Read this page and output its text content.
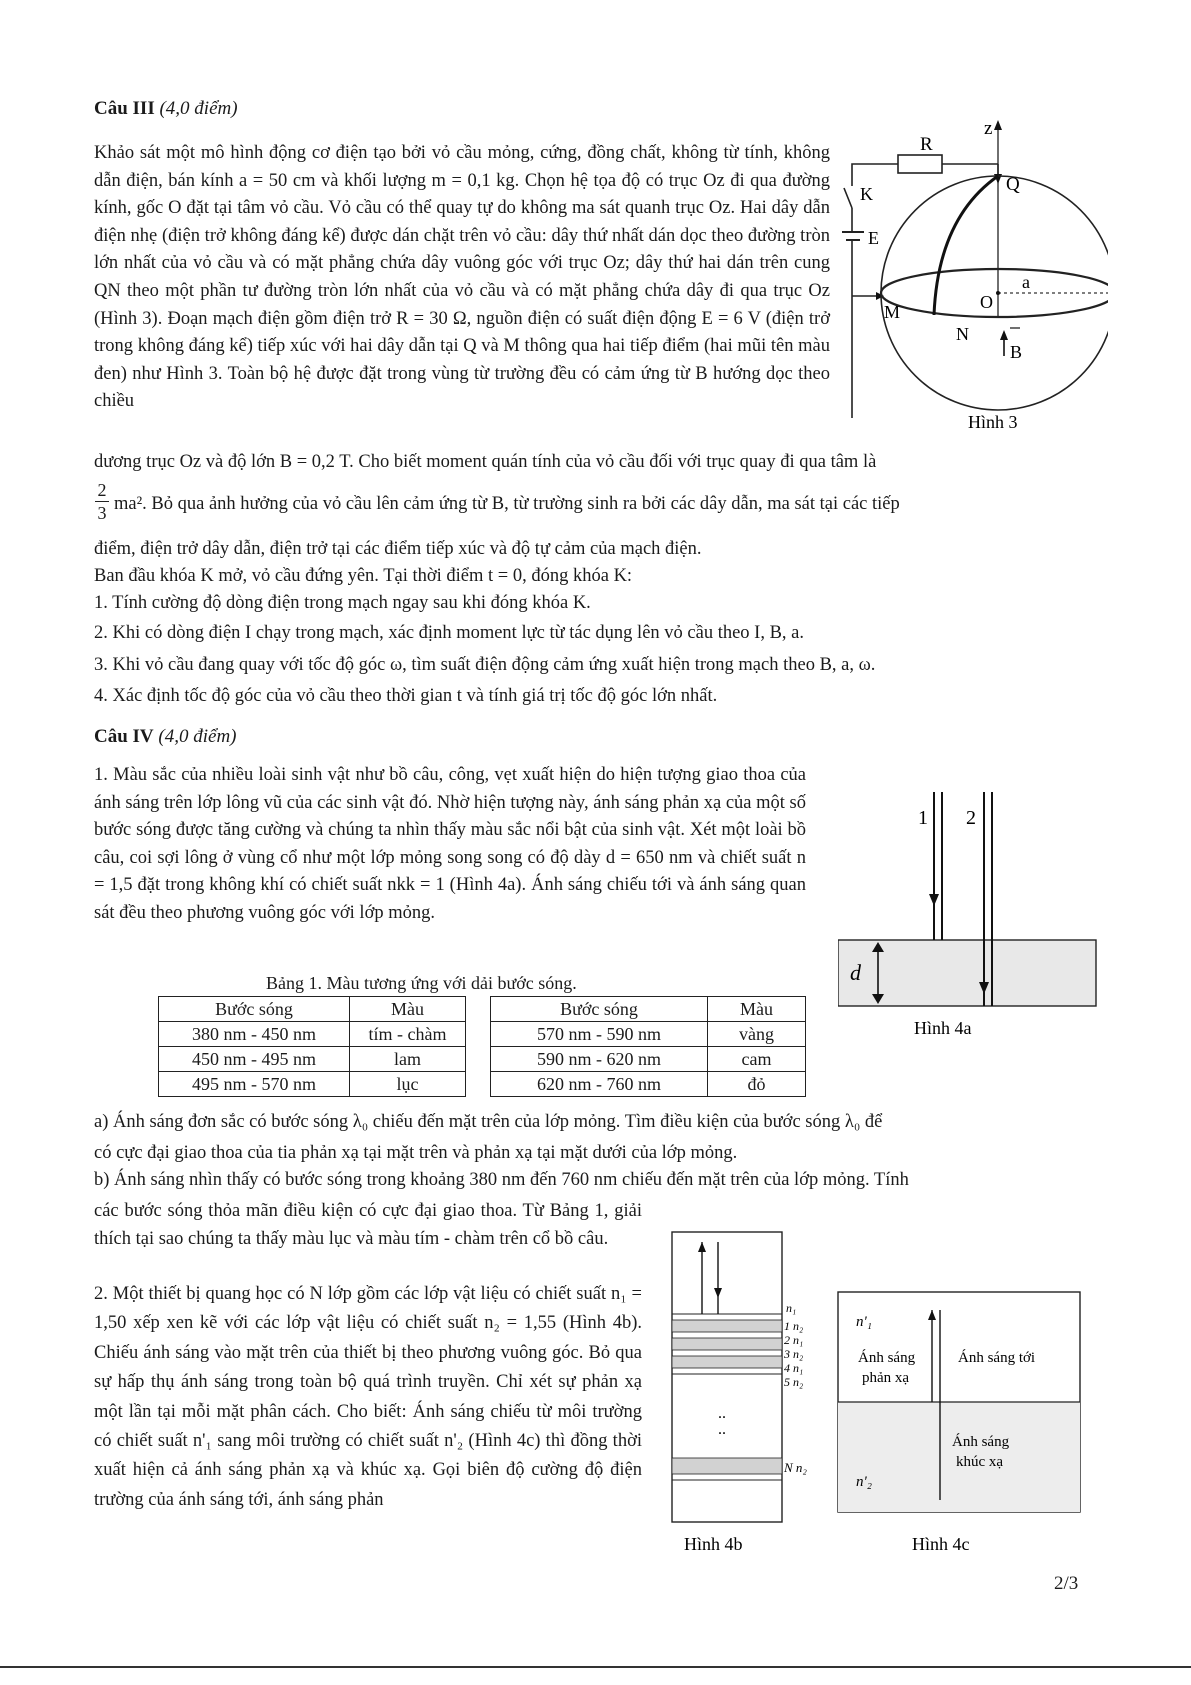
Câu III (4,0 điểm)

Khảo sát một mô hình động cơ điện tạo bởi vỏ cầu mỏng, cứng, đồng chất, không từ tính, không dẫn điện, bán kính a = 50 cm và khối lượng m = 0,1 kg. Chọn hệ tọa độ có trục Oz đi qua đường kính, gốc O đặt tại tâm vỏ cầu. Vỏ cầu có thể quay tự do không ma sát quanh trục Oz. Hai dây dẫn điện nhẹ (điện trở không đáng kể) được dán chặt trên vỏ cầu: dây thứ nhất dán dọc theo đường tròn lớn nhất của vỏ cầu và có mặt phẳng chứa dây vuông góc với trục Oz; dây thứ hai dán trên cung QN theo một phần tư đường tròn lớn nhất của vỏ cầu và có mặt phẳng chứa dây đi qua trục Oz (Hình 3). Đoạn mạch điện gồm điện trở R = 30 Ω, nguồn điện có suất điện động E = 6 V (điện trở trong không đáng kể) tiếp xúc với hai dây dẫn tại Q và M thông qua hai tiếp điểm (hai mũi tên màu đen) như Hình 3. Toàn bộ hệ được đặt trong vùng từ trường đều có cảm ứng từ B hướng dọc theo chiều

dương trục Oz và độ lớn B = 0,2 T. Cho biết moment quán tính của vỏ cầu đối với trục quay đi qua tâm là

2
3 ma². Bỏ qua ảnh hưởng của vỏ cầu lên cảm ứng từ B, từ trường sinh ra bởi các dây dẫn, ma sát tại các tiếp

điểm, điện trở dây dẫn, điện trở tại các điểm tiếp xúc và độ tự cảm của mạch điện.

Ban đầu khóa K mở, vỏ cầu đứng yên. Tại thời điểm t = 0, đóng khóa K:

1. Tính cường độ dòng điện trong mạch ngay sau khi đóng khóa K.

2. Khi có dòng điện I chạy trong mạch, xác định moment lực từ tác dụng lên vỏ cầu theo I, B, a.

3. Khi vỏ cầu đang quay với tốc độ góc ω, tìm suất điện động cảm ứng xuất hiện trong mạch theo B, a, ω.

4. Xác định tốc độ góc của vỏ cầu theo thời gian t và tính giá trị tốc độ góc lớn nhất.

R
z
Q
K
E
O
a
M
N
B
Hình 3
Câu IV (4,0 điểm)

1. Màu sắc của nhiều loài sinh vật như bồ câu, công, vẹt xuất hiện do hiện tượng giao thoa của ánh sáng trên lớp lông vũ của các sinh vật đó. Nhờ hiện tượng này, ánh sáng phản xạ của một số bước sóng được tăng cường và chúng ta nhìn thấy màu sắc nổi bật của sinh vật. Xét một loài bồ câu, coi sợi lông ở vùng cổ như một lớp mỏng song song có độ dày d = 650 nm và chiết suất n = 1,5 đặt trong không khí có chiết suất nkk = 1 (Hình 4a). Ánh sáng chiếu tới và ánh sáng quan sát đều theo phương vuông góc với lớp mỏng.

Bảng 1. Màu tương ứng với dải bước sóng.
Bước sóng	Màu
380 nm - 450 nm	tím - chàm
450 nm - 495 nm	lam
495 nm - 570 nm	lục
Bước sóng	Màu
570 nm - 590 nm	vàng
590 nm - 620 nm	cam
620 nm - 760 nm	đỏ

a) Ánh sáng đơn sắc có bước sóng λ₀ chiếu đến mặt trên của lớp mỏng. Tìm điều kiện của bước sóng λ₀ để

có cực đại giao thoa của tia phản xạ tại mặt trên và phản xạ tại mặt dưới của lớp mỏng.

b) Ánh sáng nhìn thấy có bước sóng trong khoảng 380 nm đến 760 nm chiếu đến mặt trên của lớp mỏng. Tính

các bước sóng thỏa mãn điều kiện có cực đại giao thoa. Từ Bảng 1, giải thích tại sao chúng ta thấy màu lục và màu tím - chàm trên cổ bồ câu.

2. Một thiết bị quang học có N lớp gồm các lớp vật liệu có chiết suất n₁ = 1,50 xếp xen kẽ với các lớp vật liệu có chiết suất n₂ = 1,55 (Hình 4b). Chiếu ánh sáng vào mặt trên của thiết bị theo phương vuông góc. Bỏ qua sự hấp thụ ánh sáng trong toàn bộ quá trình truyền. Chỉ xét sự phản xạ một lần tại mỗi mặt phân cách. Cho biết: Ánh sáng chiếu từ môi trường có chiết suất n'₁ sang môi trường có chiết suất n'₂ (Hình 4c) thì đồng thời xuất hiện cả ánh sáng phản xạ và khúc xạ. Gọi biên độ cường độ điện trường của ánh sáng tới, ánh sáng phản

d
1 2
Hình 4a
n₁
1 n₂
2 n₁
3 n₂
4 n₁
5 n₂
..
..
N n₂
Hình 4b
n'₁
n'₂
Ánh sáng
phản xạ
Ánh sáng tới
Ánh sáng
khúc xạ
Hình 4c
2/3
